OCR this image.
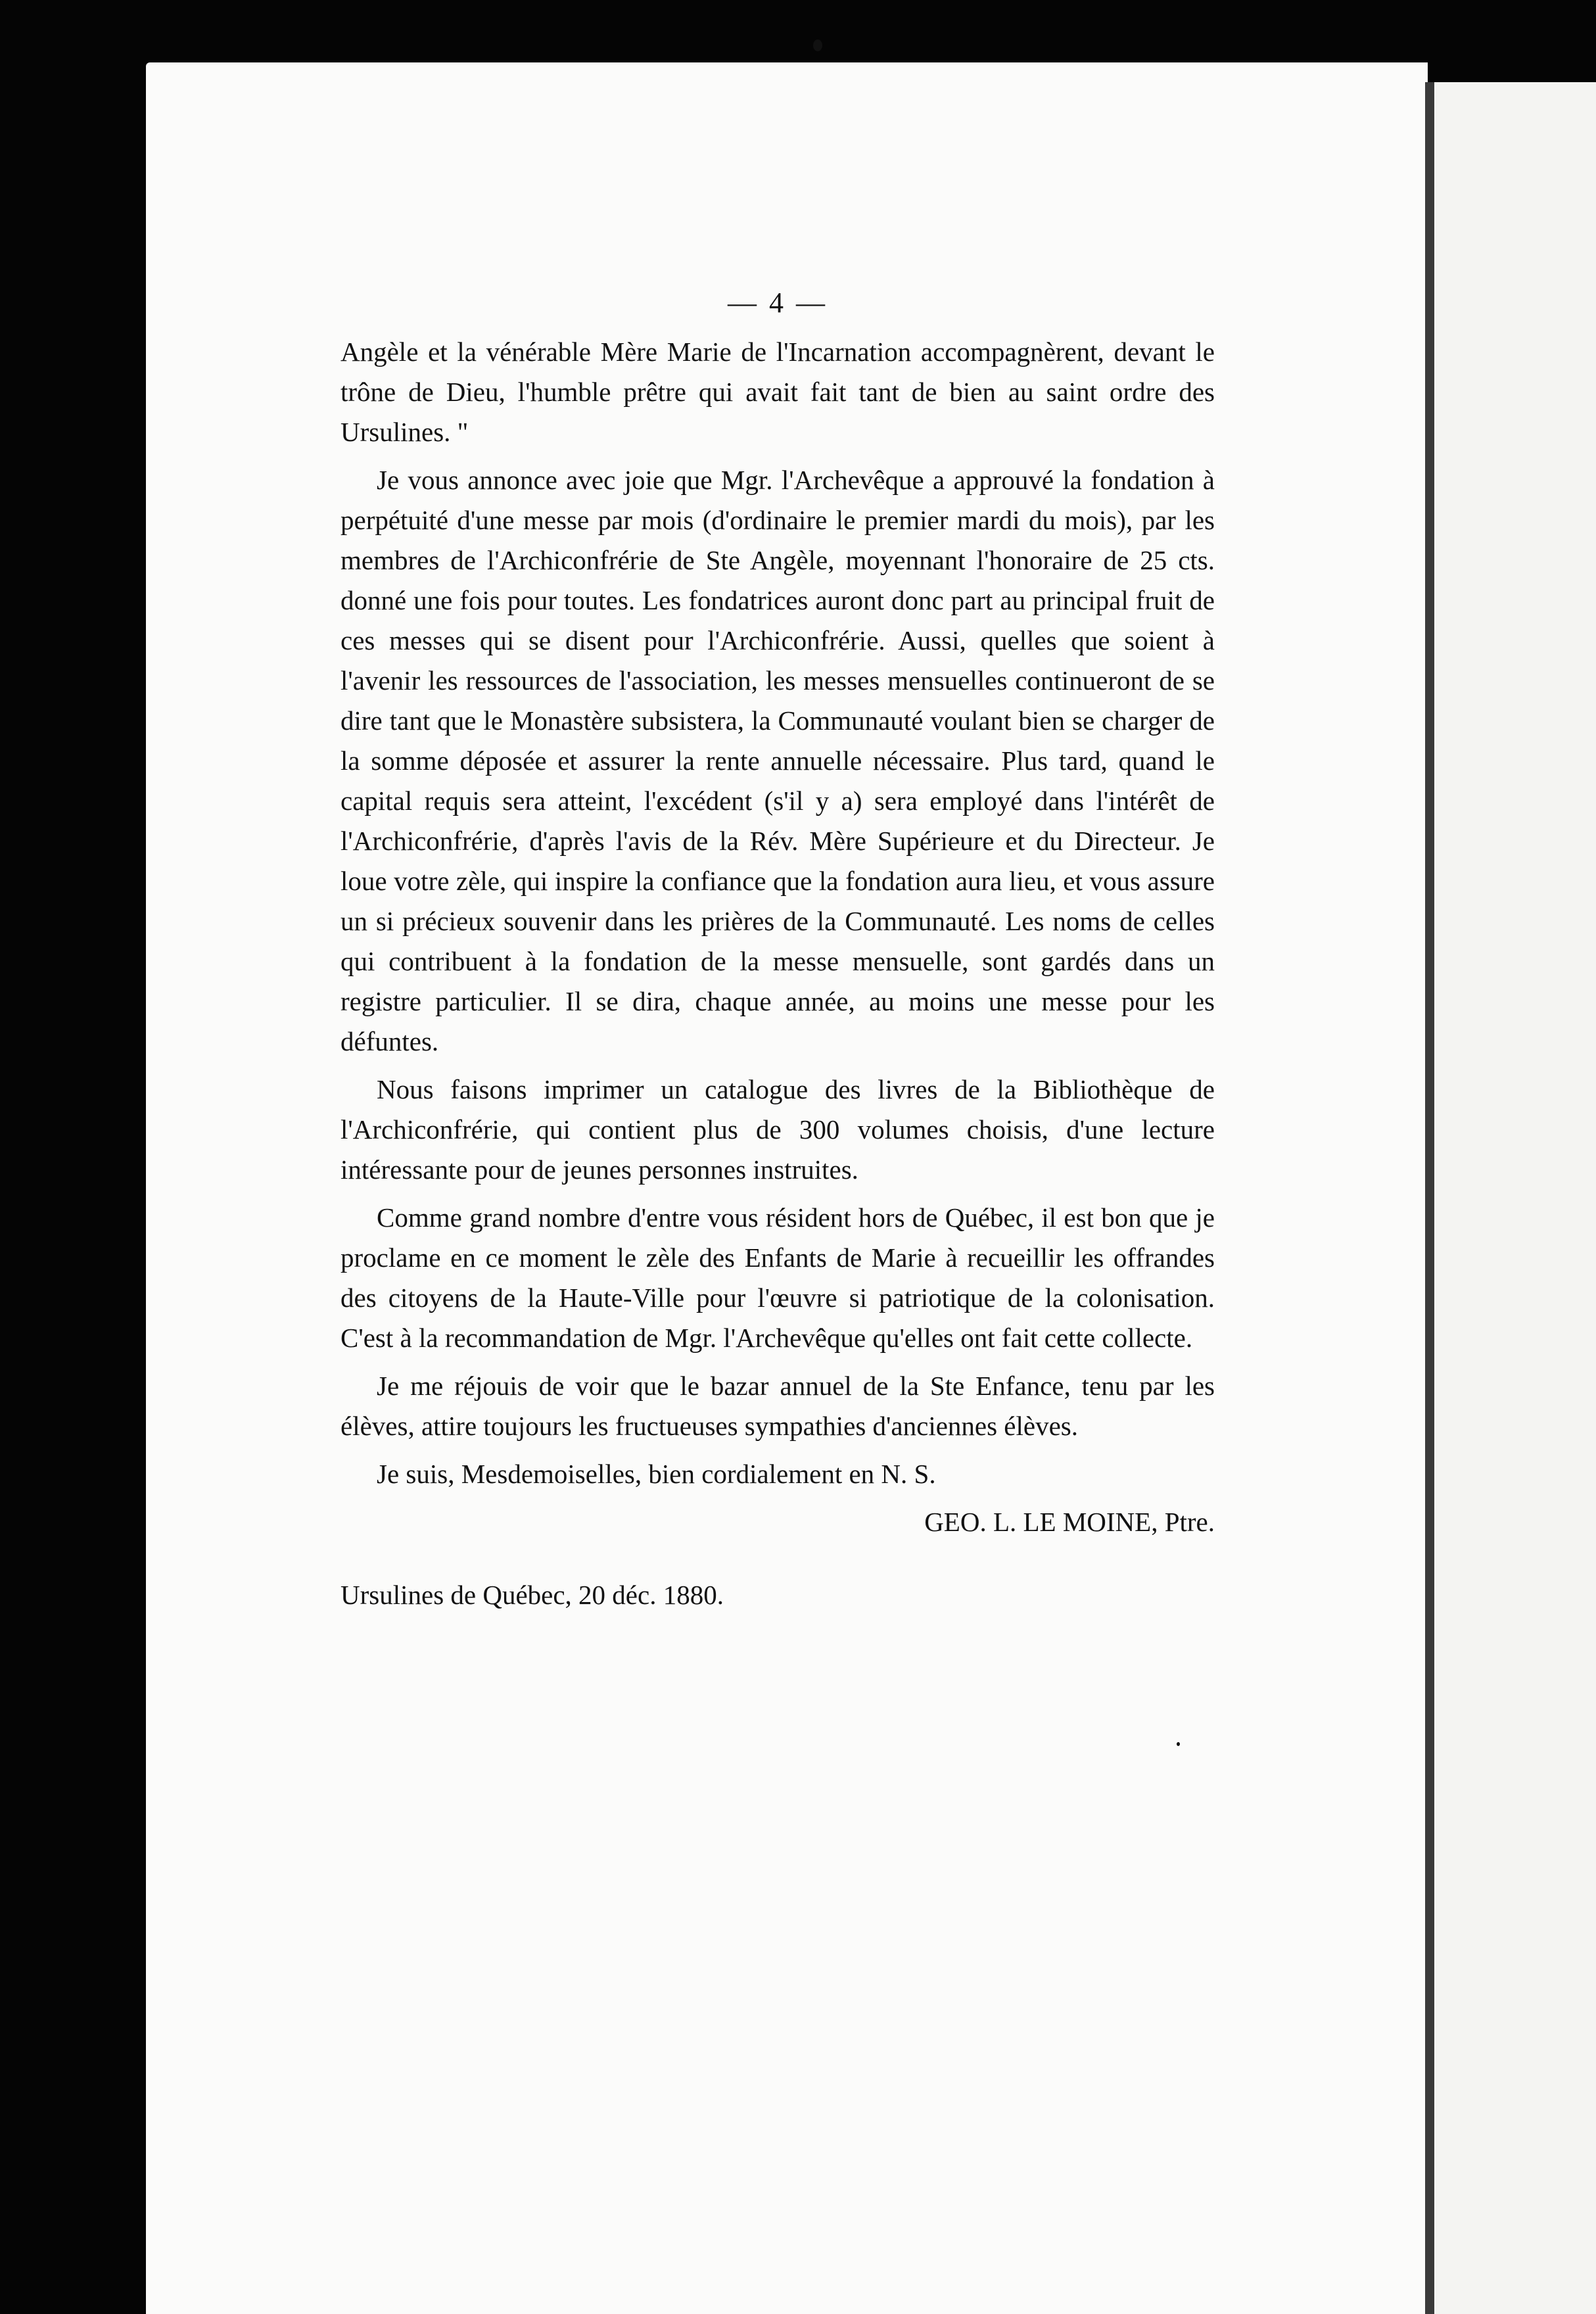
— 4 —

Angèle et la vénérable Mère Marie de l'Incarnation accompagnèrent, devant le trône de Dieu, l'humble prêtre qui avait fait tant de bien au saint ordre des Ursulines. "

Je vous annonce avec joie que Mgr. l'Archevêque a approuvé la fondation à perpétuité d'une messe par mois (d'ordinaire le premier mardi du mois), par les membres de l'Archiconfrérie de Ste Angèle, moyennant l'honoraire de 25 cts. donné une fois pour toutes. Les fondatrices auront donc part au principal fruit de ces messes qui se disent pour l'Archiconfrérie. Aussi, quelles que soient à l'avenir les ressources de l'association, les messes mensuelles continueront de se dire tant que le Monastère subsistera, la Communauté voulant bien se charger de la somme déposée et assurer la rente annuelle nécessaire. Plus tard, quand le capital requis sera atteint, l'excédent (s'il y a) sera employé dans l'intérêt de l'Archiconfrérie, d'après l'avis de la Rév. Mère Supérieure et du Directeur. Je loue votre zèle, qui inspire la confiance que la fondation aura lieu, et vous assure un si précieux souvenir dans les prières de la Communauté. Les noms de celles qui contribuent à la fondation de la messe mensuelle, sont gardés dans un registre particulier. Il se dira, chaque année, au moins une messe pour les défuntes.

Nous faisons imprimer un catalogue des livres de la Bibliothèque de l'Archiconfrérie, qui contient plus de 300 volumes choisis, d'une lecture intéressante pour de jeunes personnes instruites.

Comme grand nombre d'entre vous résident hors de Québec, il est bon que je proclame en ce moment le zèle des Enfants de Marie à recueillir les offrandes des citoyens de la Haute-Ville pour l'œuvre si patriotique de la colonisation. C'est à la recommandation de Mgr. l'Archevêque qu'elles ont fait cette collecte.

Je me réjouis de voir que le bazar annuel de la Ste Enfance, tenu par les élèves, attire toujours les fructueuses sympathies d'anciennes élèves.

Je suis, Mesdemoiselles, bien cordialement en N. S.

GEO. L. LE MOINE, Ptre.

Ursulines de Québec, 20 déc. 1880.
